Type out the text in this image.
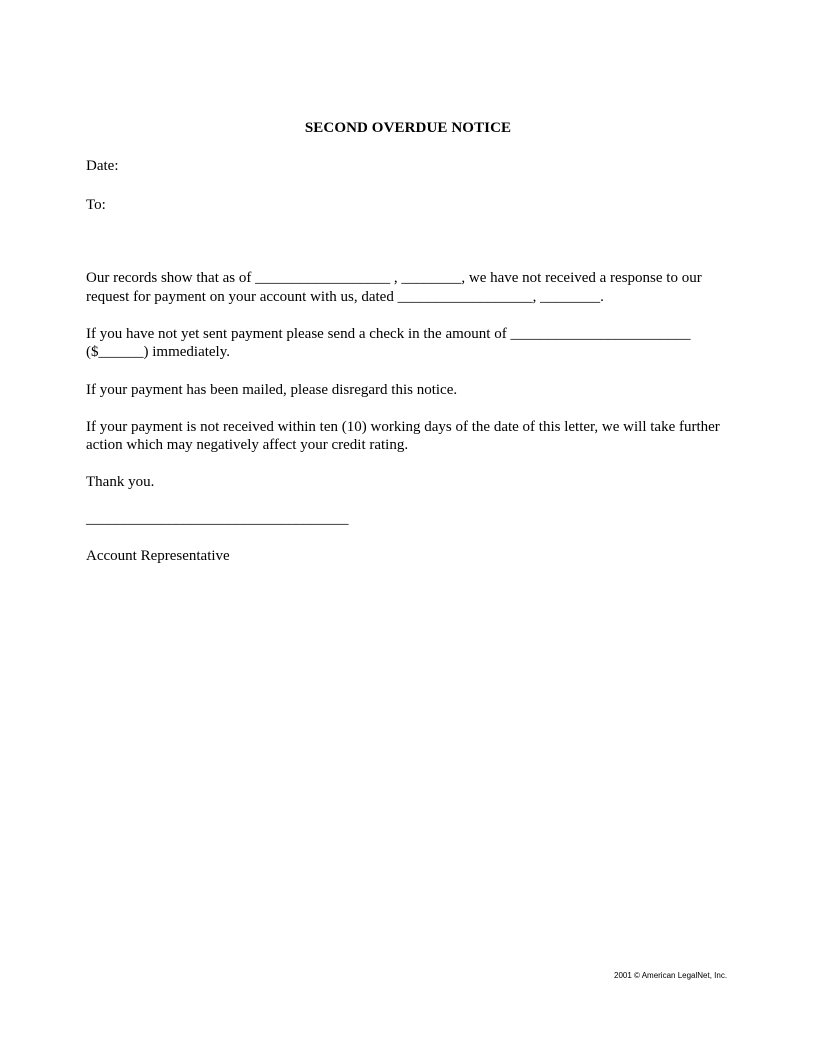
SECOND OVERDUE NOTICE
Date:
To:
Our records show that as of __________________ , ________, we have not received a response to our
request for payment on your account with us, dated __________________, ________.
If you have not yet sent payment please send a check in the amount of ________________________
($______) immediately.
If your payment has been mailed, please disregard this notice.
If your payment is not received within ten (10) working days of the date of this letter, we will take further
action which may negatively affect your credit rating.
Thank you.
___________________________________
Account Representative
2001 © American LegalNet, Inc.
